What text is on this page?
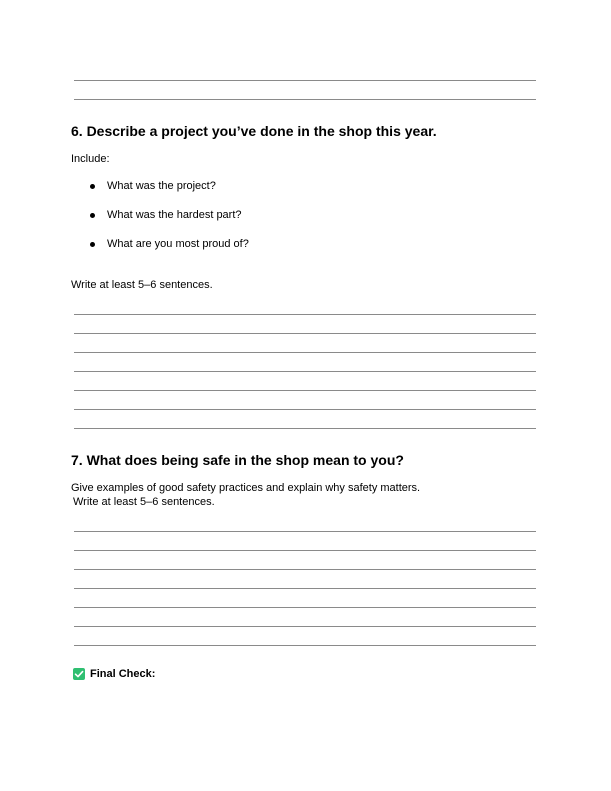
6. Describe a project you’ve done in the shop this year.
Include:
What was the project?
What was the hardest part?
What are you most proud of?
Write at least 5–6 sentences.
7. What does being safe in the shop mean to you?
Give examples of good safety practices and explain why safety matters.
Write at least 5–6 sentences.
Final Check:
